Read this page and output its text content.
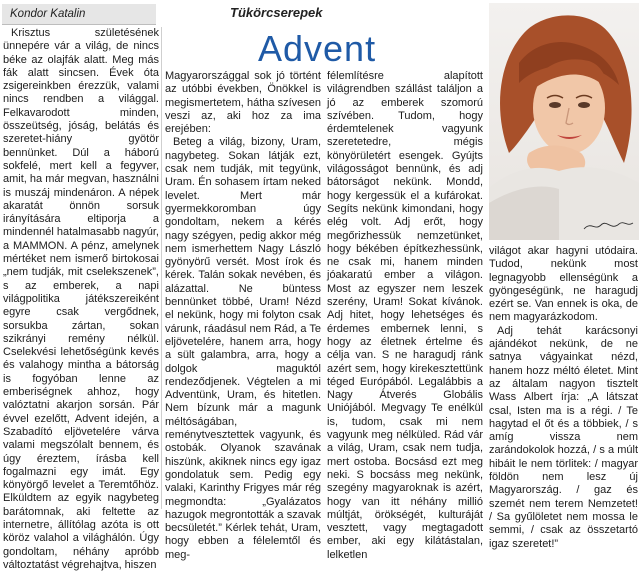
Kondor Katalin	Tükörcserepek
Advent

Krisztus születésének ünnepére vár a világ, de nincs béke az olajfák alatt. Meg más fák alatt sincsen. Évek óta zsigereinkben érezzük, valami nincs rendben a világgal. Felkavarodott minden, összeütség, jóság, belátás és szeretet-hiány gyötör bennünket. Dúl a háború sokfelé, mert kell a fegyver, amit, ha már megvan, használni is muszáj mindenáron. A népek akaratát önnön sorsuk irányítására eltiporja a mindennél hatalmasabb nagyúr, a MAMMON. A pénz, amelynek mértéket nem ismerő birtokosai „nem tudják, mit cselekszenek”, s az emberek, a napi világpolitika játékszereiként egyre csak vergődnek, sorsukba zártan, sokan szikrányi remény nélkül. Cselekvési lehetőségünk kevés és valahogy mintha a bátorság is fogyóban lenne az emberiségnek ahhoz, hogy valóztatni akarjon sorsán. Pár évvel ezelőtt, Advent idején, a Szabadító eljövetelére várva valami megszólalt bennem, és úgy éreztem, írásba kell fogalmazni egy imát. Egy könyörgő levelet a Teremtőhöz. Elküldtem az egyik nagybeteg barátomnak, aki feltette az internetre, állítólag azóta is ott köröz valahol a világhálón. Úgy gondoltam, néhány apróbb változtatást végrehajtva, hiszen

Magyarországgal sok jó történt az utóbbi években, Önökkel is megismertetem, hátha szívesen veszi az, aki hoz za ima erejében:

Beteg a világ, bizony, Uram, nagybeteg. Sokan látják ezt, csak nem tudják, mit tegyünk, Uram. Én sohasem írtam neked levelet. Mert már gyermekkoromban úgy gondoltam, nekem a kérés nagy szégyen, pedig akkor még nem ismerhettem Nagy László gyönyörű versét. Most írok és kérek. Talán sokak nevében, és alázattal. Ne büntess bennünket többé, Uram! Nézd el nekünk, hogy mi folyton csak várunk, ráadásul nem Rád, a Te eljövetelére, hanem arra, hogy a sült galambra, arra, hogy a dolgok maguktól rendeződjenek. Végtelen a mi Adventünk, Uram, és hitetlen. Nem bízunk már a magunk méltóságában, reménytvesztettek vagyunk, és ostobák. Olyanok szavának hiszünk, akiknek nincs egy igaz gondolatuk sem. Pedig egy valaki, Karinthy Frigyes már rég megmondta: „Gyalázatos hazugok megrontották a szavak becsületét.” Kérlek tehát, Uram, hogy ebben a félelemtől és meg-

félemlítésre alapított világrendben szállást találjon a jó az emberek szomorú szívében. Tudom, hogy érdemtelenek vagyunk szeretetedre, mégis könyörületért esengek. Gyújts világosságot bennünk, és adj bátorságot nekünk. Mondd, hogy kergessük el a kufárokat. Segíts nekünk kimondani, hogy elég volt. Adj erőt, hogy megőrizhessük nemzetünket, hogy békében építkezhessünk, ne csak mi, hanem minden jóakaratú ember a világon. Most az egyszer nem leszek szerény, Uram! Sokat kívánok. Adj hitet, hogy lehetséges és érdemes embernek lenni, s hogy az életnek értelme és célja van. S ne haragudj ránk azért sem, hogy kirekesztettünk téged Európából. Legalábbis a Nagy Átverés Globális Uniójából. Megvagy Te enélkül is, tudom, csak mi nem vagyunk meg nélküled. Rád vár a világ, Uram, csak nem tudja, mert ostoba. Bocsásd ezt meg neki. S bocsáss meg nekünk, szegény magyaroknak is azért, hogy van itt néhány millió múltját, örökségét, kulturáját vesztett, vagy megtagadott ember, aki egy kilátástalan, lelketlen

világot akar hagyni utódaira. Tudod, nekünk most legnagyobb ellenségünk a gyöngeségünk, ne haragudj ezért se. Van ennek is oka, de nem magyarázkodom.

Adj tehát karácsonyi ajándékot nekünk, de ne satnya vágyainkat nézd, hanem hozz méltó életet. Mint az általam nagyon tisztelt Wass Albert írja: „A látszat csal, Isten ma is a régi. / Te hagytad el őt és a többiek, / s amíg vissza nem zarándokolok hozzá, / s a múlt hibáit le nem törlitek: / magyar földön nem lesz új Magyarország. / gaz és szemét nem terem Nemzetet! / Sa gyűlöletet nem mossa le semmi, / csak az összetartó igaz szeretet!”
